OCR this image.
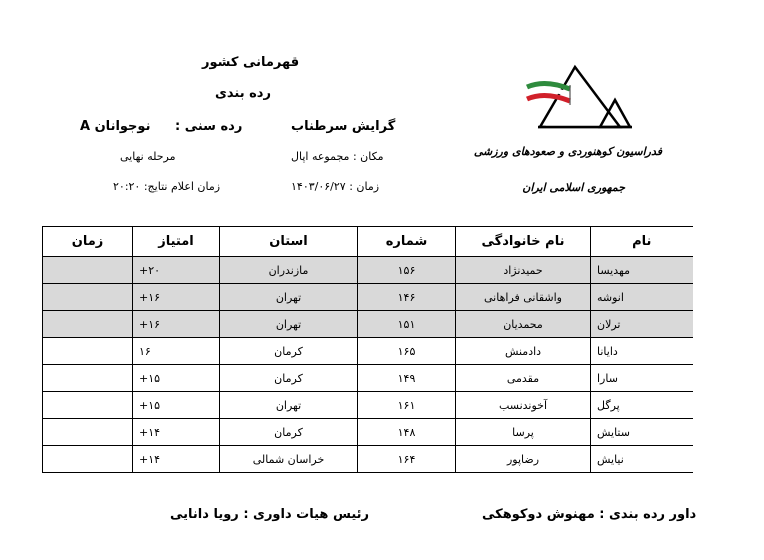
قهرمانی کشور
رده بندی
رده سنی :
نوجوانان A	گرایش سرطناب
مرحله نهایی	مکان : مجموعه اپال
زمان اعلام نتایج: ۲۰:۲۰	زمان : ۱۴۰۳/۰۶/۲۷
فدراسیون کوهنوردی و صعودهای ورزشی
جمهوری اسلامی ایران
نام	نام خانوادگی	شماره	استان	امتیاز	زمان
مهدیسا	حمیدنژاد	۱۵۶	مازندران	۲۰+	
انوشه	واشقانی فراهانی	۱۴۶	تهران	۱۶+	
ترلان	محمدیان	۱۵۱	تهران	۱۶+	
دایانا	دادمنش	۱۶۵	کرمان	۱۶	
سارا	مقدمی	۱۴۹	کرمان	۱۵+	
پرگل	آخوندنسب	۱۶۱	تهران	۱۵+	
ستایش	پرسا	۱۴۸	کرمان	۱۴+	
نیایش	رضاپور	۱۶۴	خراسان شمالی	۱۴+	
داور رده بندی : مهنوش دوکوهکی
رئیس هیات داوری : رویا دانایی
